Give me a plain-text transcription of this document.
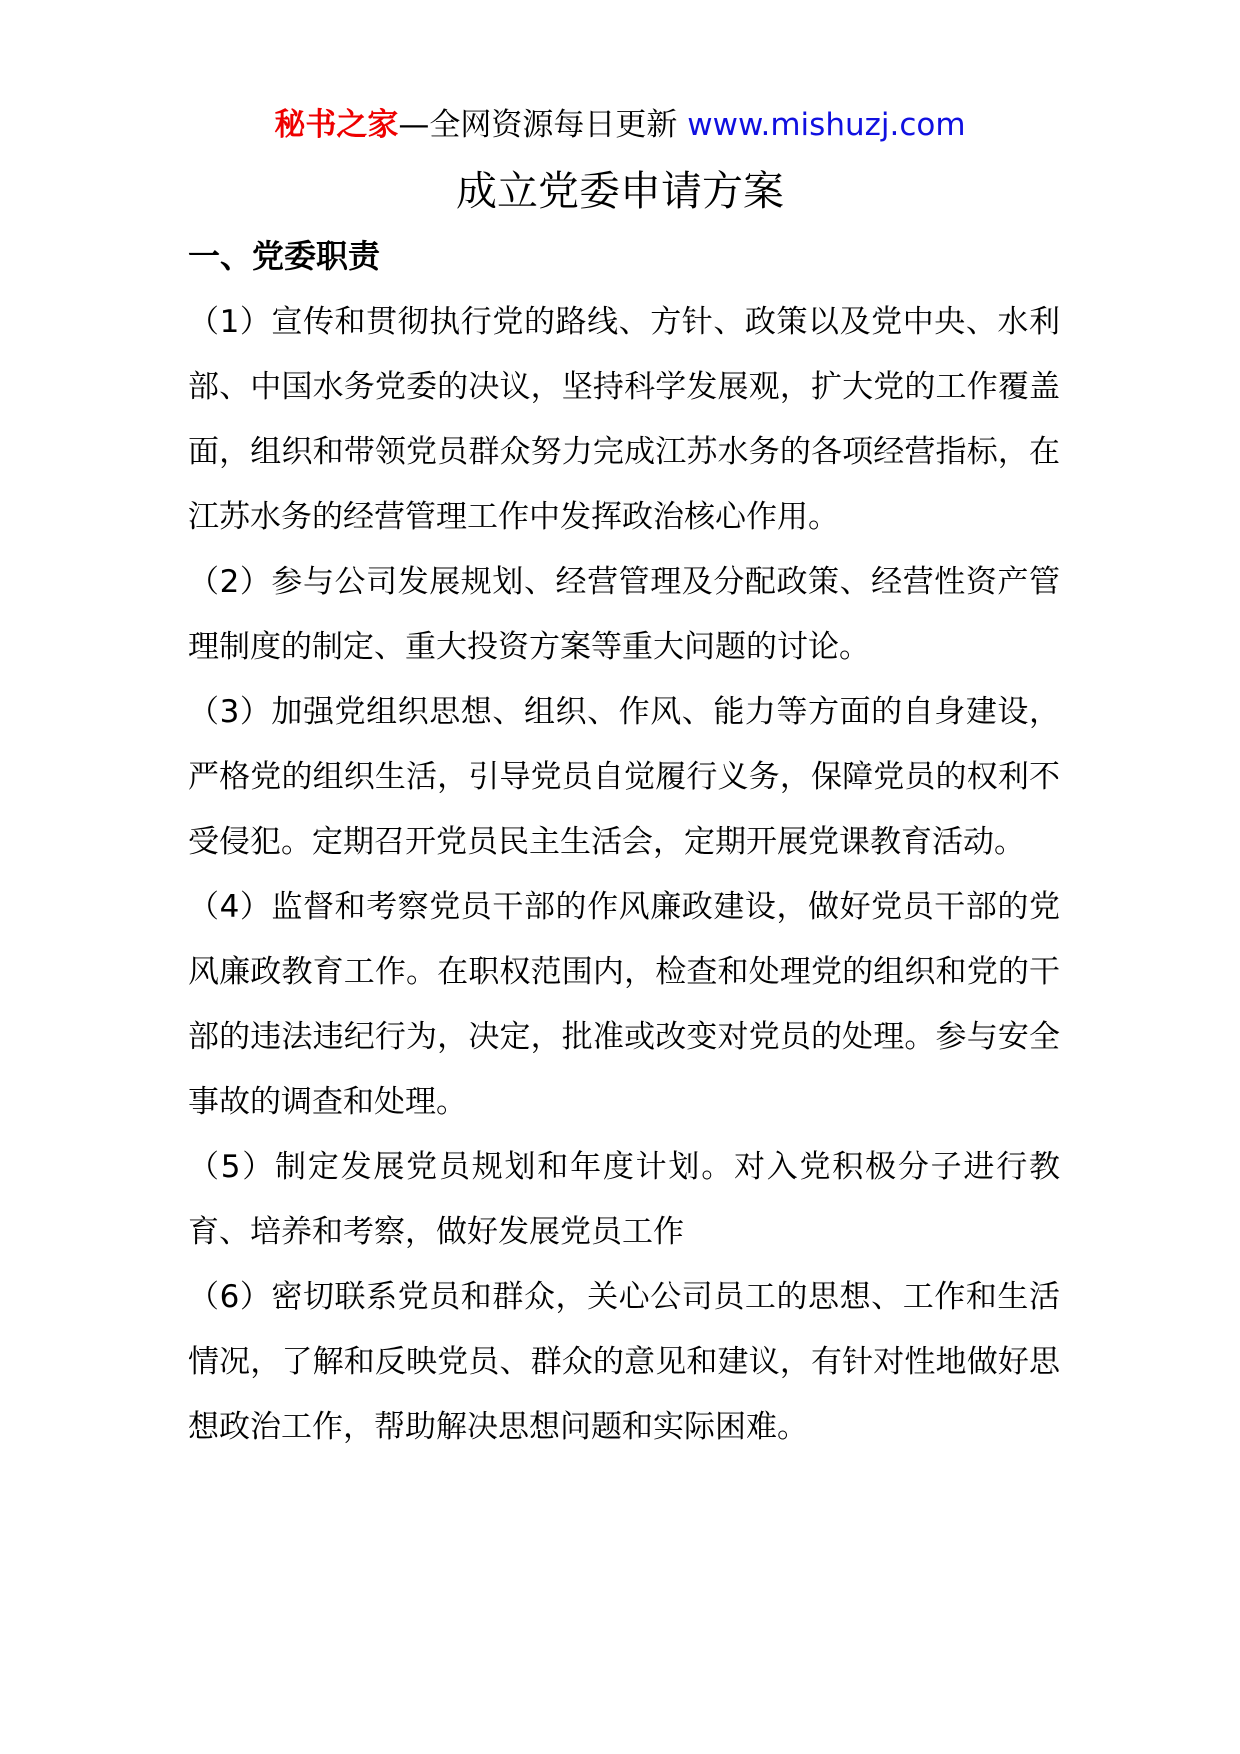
秘书之家—全网资源每日更新 www.mishuzj.com
成立党委申请方案
一、党委职责

（1）宣传和贯彻执行党的路线、方针、政策以及党中央、水利部、中国水务党委的决议，坚持科学发展观，扩大党的工作覆盖面，组织和带领党员群众努力完成江苏水务的各项经营指标，在江苏水务的经营管理工作中发挥政治核心作用。

（2）参与公司发展规划、经营管理及分配政策、经营性资产管理制度的制定、重大投资方案等重大问题的讨论。

（3）加强党组织思想、组织、作风、能力等方面的自身建设，严格党的组织生活，引导党员自觉履行义务，保障党员的权利不受侵犯。定期召开党员民主生活会，定期开展党课教育活动。

（4）监督和考察党员干部的作风廉政建设，做好党员干部的党风廉政教育工作。在职权范围内，检查和处理党的组织和党的干部的违法违纪行为，决定，批准或改变对党员的处理。参与安全事故的调查和处理。

（5）制定发展党员规划和年度计划。对入党积极分子进行教育、培养和考察，做好发展党员工作

（6）密切联系党员和群众，关心公司员工的思想、工作和生活情况，了解和反映党员、群众的意见和建议，有针对性地做好思想政治工作，帮助解决思想问题和实际困难。
